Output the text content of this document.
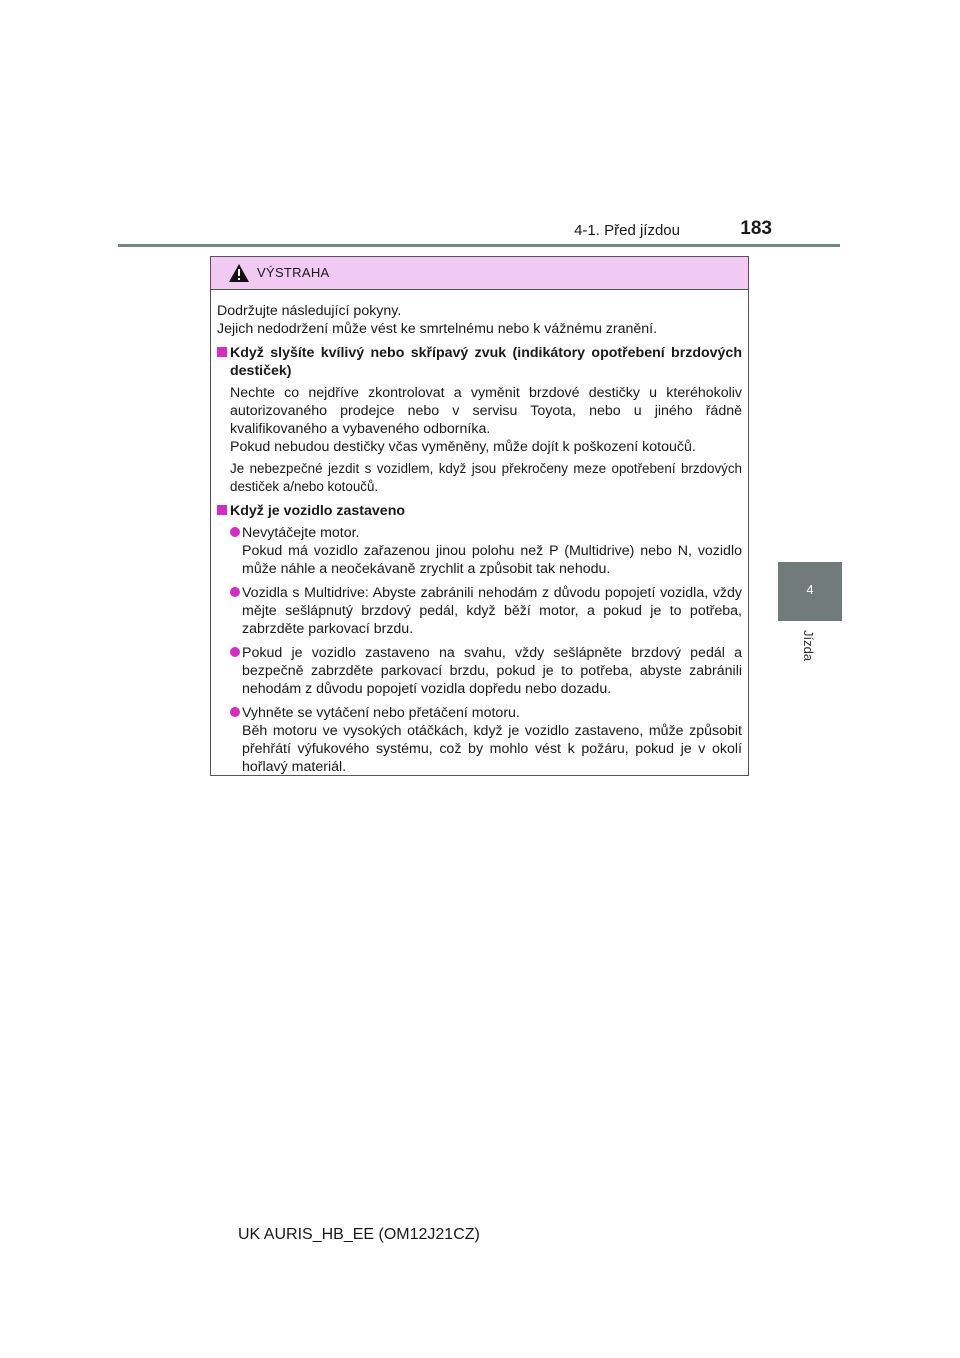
4-1. Před jízdou	183
4
Jízda
VÝSTRAHA

Dodržujte následující pokyny.

Jejich nedodržení může vést ke smrtelnému nebo k vážnému zranění.

Když slyšíte kvílivý nebo skřípavý zvuk (indikátory opotřebení brzdových destiček)

Nechte co nejdříve zkontrolovat a vyměnit brzdové destičky u kteréhokoliv autorizovaného prodejce nebo v servisu Toyota, nebo u jiného řádně kvalifikovaného a vybaveného odborníka.

Pokud nebudou destičky včas vyměněny, může dojít k poškození kotoučů.

Je nebezpečné jezdit s vozidlem, když jsou překročeny meze opotřebení brzdových destiček a/nebo kotoučů.

Když je vozidlo zastaveno

Nevytáčejte motor.

Pokud má vozidlo zařazenou jinou polohu než P (Multidrive) nebo N, vozidlo může náhle a neočekávaně zrychlit a způsobit tak nehodu.

Vozidla s Multidrive: Abyste zabránili nehodám z důvodu popojetí vozidla, vždy mějte sešlápnutý brzdový pedál, když běží motor, a pokud je to potřeba, zabrzděte parkovací brzdu.

Pokud je vozidlo zastaveno na svahu, vždy sešlápněte brzdový pedál a bezpečně zabrzděte parkovací brzdu, pokud je to potřeba, abyste zabránili nehodám z důvodu popojetí vozidla dopředu nebo dozadu.

Vyhněte se vytáčení nebo přetáčení motoru.

Běh motoru ve vysokých otáčkách, když je vozidlo zastaveno, může způsobit přehřátí výfukového systému, což by mohlo vést k požáru, pokud je v okolí hořlavý materiál.

UK AURIS_HB_EE (OM12J21CZ)
